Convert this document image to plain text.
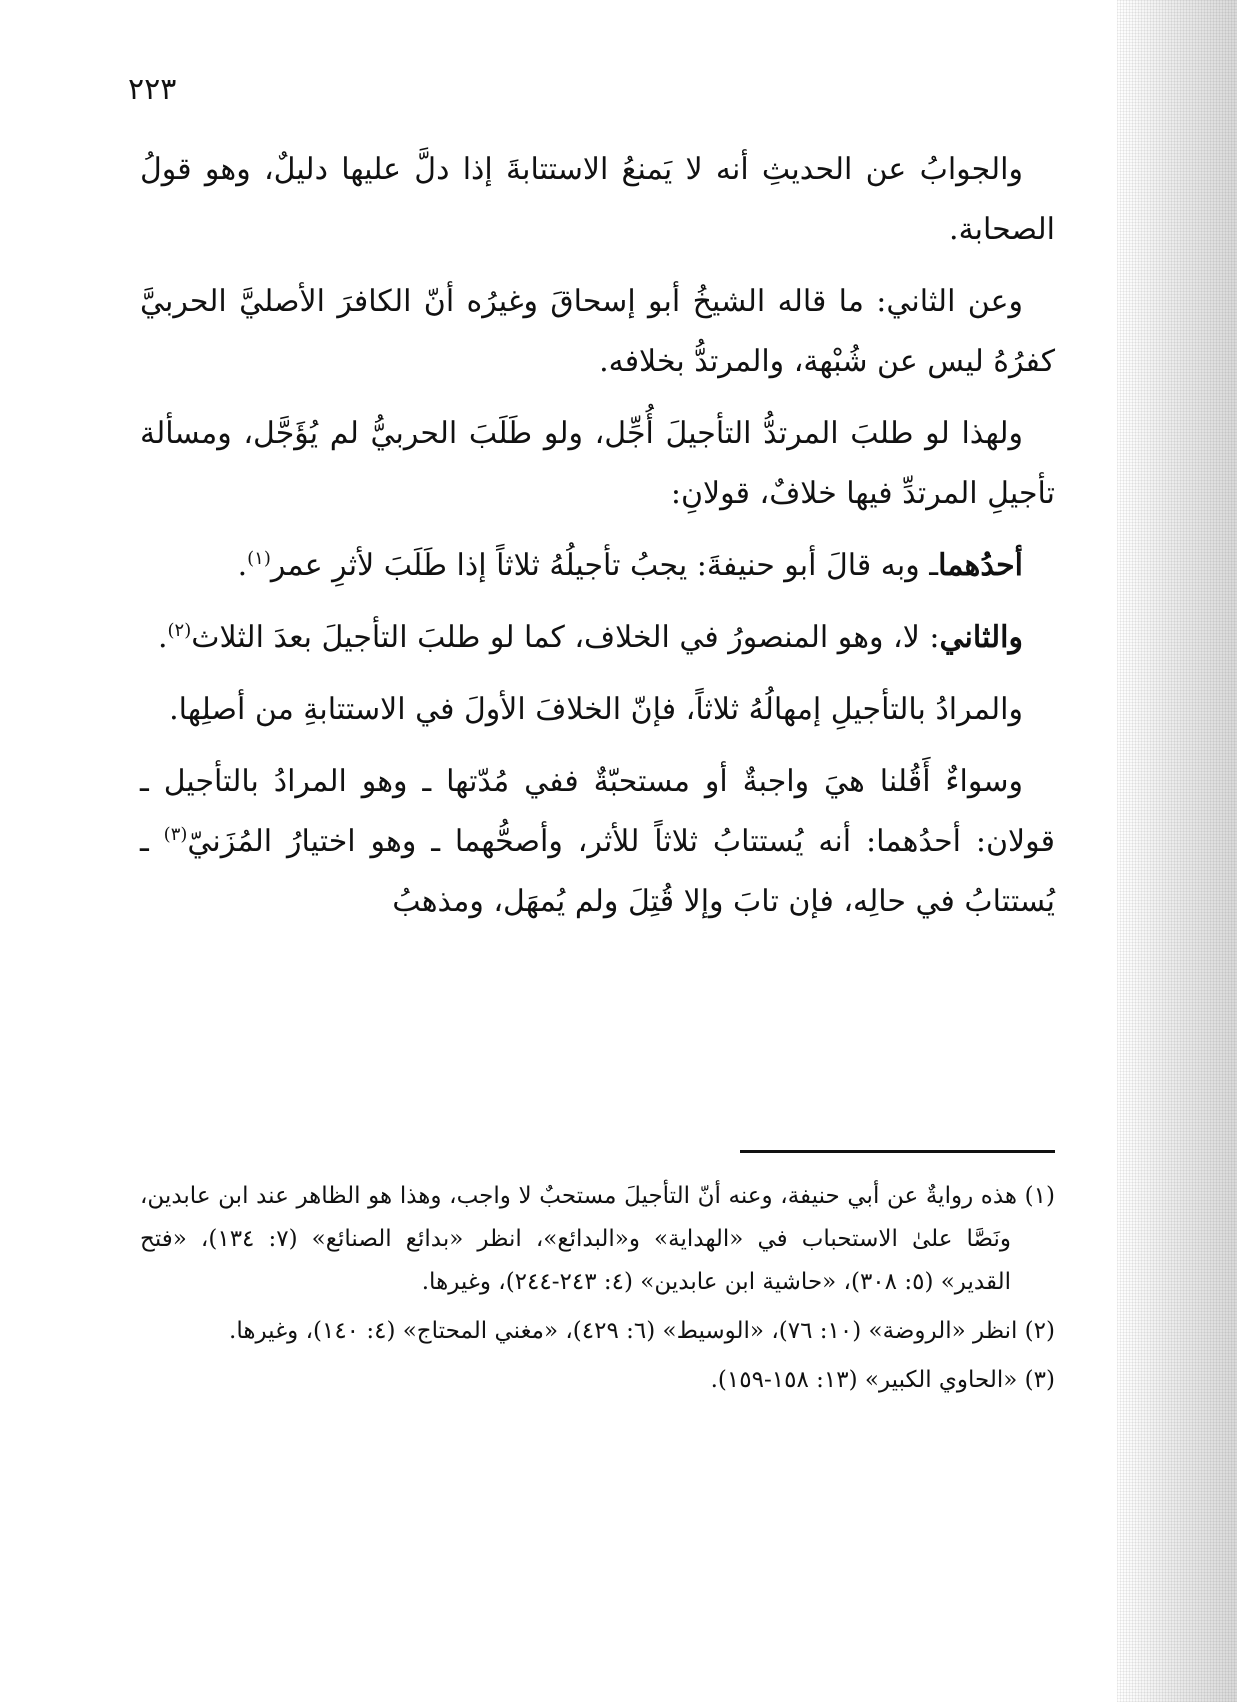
٢٢٣

والجوابُ عن الحديثِ أنه لا يَمنعُ الاستتابةَ إذا دلَّ عليها دليلٌ، وهو قولُ الصحابة.

وعن الثاني: ما قاله الشيخُ أبو إسحاقَ وغيرُه أنّ الكافرَ الأصليَّ الحربيَّ كفرُهُ ليس عن شُبْهة، والمرتدُّ بخلافه.

ولهذا لو طلبَ المرتدُّ التأجيلَ أُجِّل، ولو طَلَبَ الحربيُّ لم يُؤَجَّل، ومسألة تأجيلِ المرتدِّ فيها خلافٌ، قولانِ:

أحدُهماـ وبه قالَ أبو حنيفةَ: يجبُ تأجيلُهُ ثلاثاً إذا طَلَبَ لأثرِ عمر$^{(١)}$.

والثاني: لا، وهو المنصورُ في الخلاف، كما لو طلبَ التأجيلَ بعدَ الثلاث$^{(٢)}$.

والمرادُ بالتأجيلِ إمهالُهُ ثلاثاً، فإنّ الخلافَ الأولَ في الاستتابةِ من أصلِها.

وسواءٌ أَقُلنا هيَ واجبةٌ أو مستحبّةٌ ففي مُدّتها ـ وهو المرادُ بالتأجيل ـ قولان: أحدُهما: أنه يُستتابُ ثلاثاً للأثر، وأصحُّهما ـ وهو اختيارُ المُزَنيّ$^{(٣)}$ ـ يُستتابُ في حالِه، فإن تابَ وإلا قُتِلَ ولم يُمهَل، ومذهبُ

(١) هذه روايةٌ عن أبي حنيفة، وعنه أنّ التأجيلَ مستحبٌ لا واجب، وهذا هو الظاهر عند ابن عابدين، ونَصَّا علىٰ الاستحباب في «الهداية» و«البدائع»، انظر «بدائع الصنائع» (٧: ١٣٤)، «فتح القدير» (٥: ٣٠٨)، «حاشية ابن عابدين» (٤: ٢٤٣-٢٤٤)، وغيرها.

(٢) انظر «الروضة» (١٠: ٧٦)، «الوسيط» (٦: ٤٢٩)، «مغني المحتاج» (٤: ١٤٠)، وغيرها.

(٣) «الحاوي الكبير» (١٣: ١٥٨-١٥٩).
